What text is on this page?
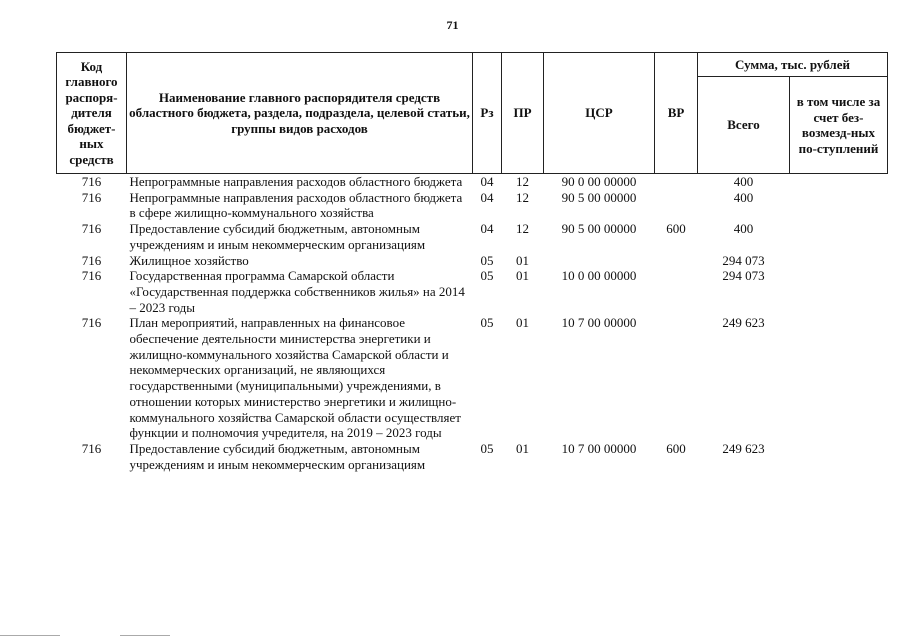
71
Код главного распоря-дителя бюджет-ных средств	Наименование главного распорядителя средств областного бюджета, раздела, подраздела, целевой статьи, группы видов расходов	Рз	ПР	ЦСР	ВР	Сумма, тыс. рублей	
						Всего	в том числе за счет без-возмезд-ных по-ступлений
716	Непрограммные направления расходов областного бюджета	04	12	90 0 00 00000		400	
716	Непрограммные направления расходов областного бюджета в сфере жилищно-коммунального хозяйства	04	12	90 5 00 00000		400	
716	Предоставление субсидий бюджетным, автономным учреждениям и иным некоммерческим организациям	04	12	90 5 00 00000	600	400	
716	Жилищное хозяйство	05	01			294 073	
716	Государственная программа Самарской области «Государственная поддержка собственников жилья» на 2014 – 2023 годы	05	01	10 0 00 00000		294 073	
716	План мероприятий, направленных на финансовое обеспечение деятельности министерства энергетики и жилищно-коммунального хозяйства Самарской области и некоммерческих организаций, не являющихся государственными (муниципальными) учреждениями, в отношении которых министерство энергетики и жилищно-коммунального хозяйства Самарской области осуществляет функции и полномочия учредителя, на 2019 – 2023 годы	05	01	10 7 00 00000		249 623	
716	Предоставление субсидий бюджетным, автономным учреждениям и иным некоммерческим организациям	05	01	10 7 00 00000	600	249 623	
